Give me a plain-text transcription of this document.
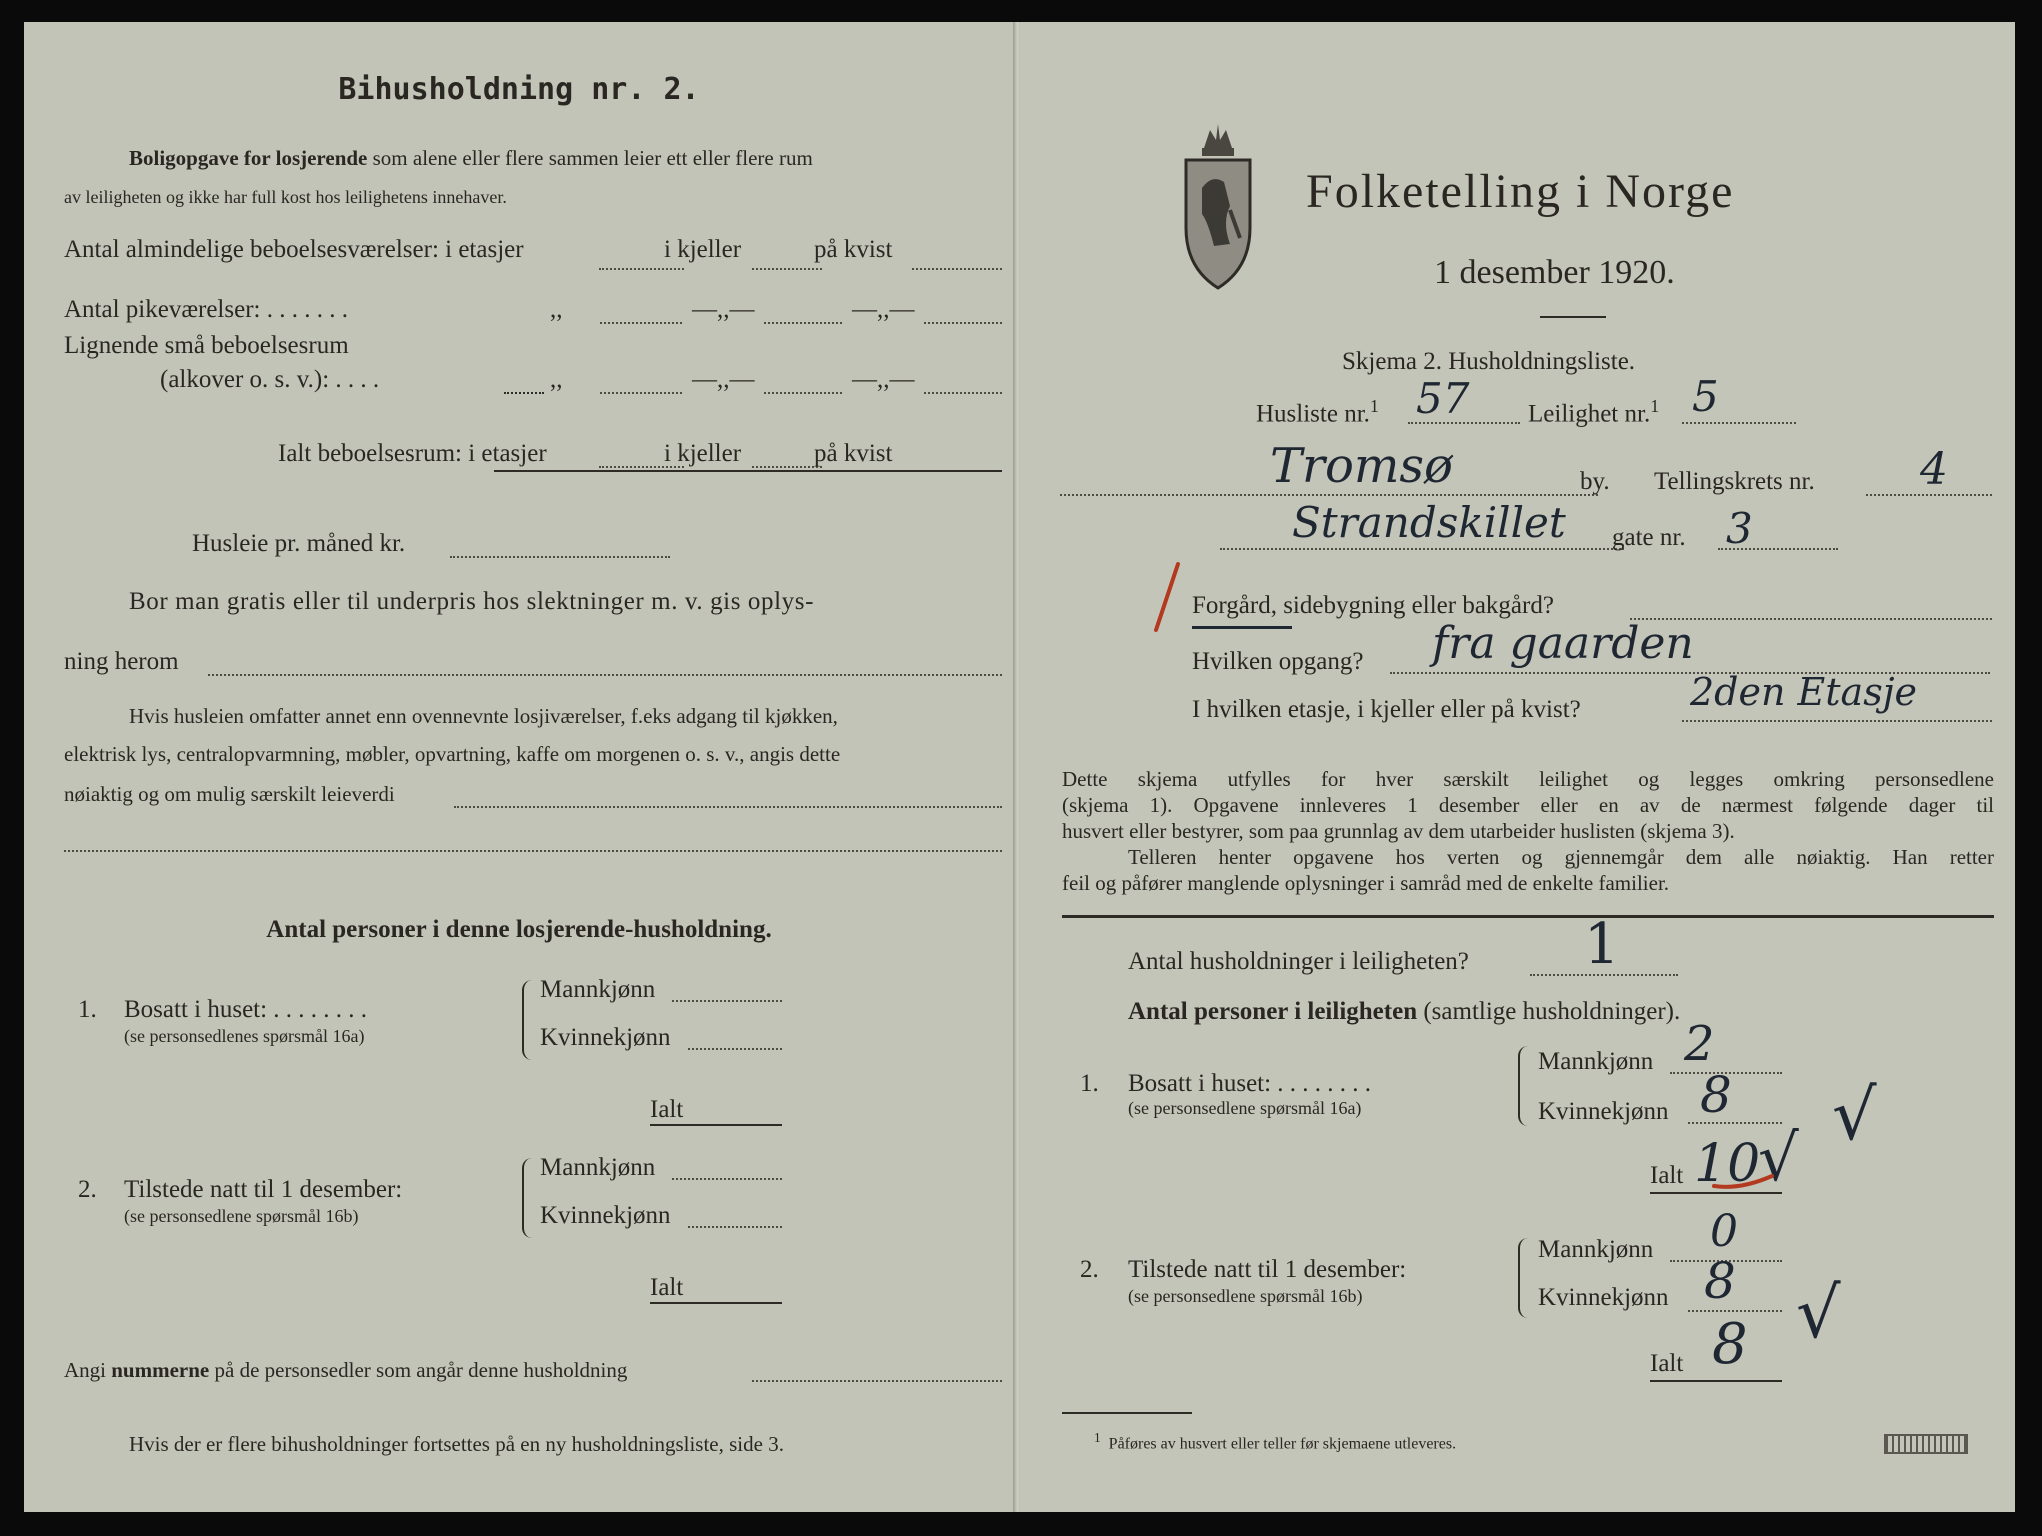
Bihusholdning nr. 2.
Boligopgave for losjerende som alene eller flere sammen leier ett eller flere rum
av leiligheten og ikke har full kost hos leilighetens innehaver.
Antal almindelige beboelsesværelser: i etasjer	i kjeller	på kvist
Antal pikeværelser: . . . . . . .	,,	—,,—	—,,—
Lignende små beboelsesrum
(alkover o. s. v.): . . . .	,,	—,,—	—,,—
Ialt beboelsesrum: i etasjer	i kjeller	på kvist
Husleie pr. måned kr.
Bor man gratis eller til underpris hos slektninger m. v. gis oplys-
ning herom
Hvis husleien omfatter annet enn ovennevnte losjiværelser, f.eks adgang til kjøkken,
elektrisk lys, centralopvarmning, møbler, opvartning, kaffe om morgenen o. s. v., angis dette
nøiaktig og om mulig særskilt leieverdi
Antal personer i denne losjerende-husholdning.
1. Bosatt i huset: . . . . . . . .
(se personsedlenes spørsmål 16a)
Mannkjønn
Kvinnekjønn
Ialt
2. Tilstede natt til 1 desember:
(se personsedlene spørsmål 16b)
Mannkjønn
Kvinnekjønn
Ialt
Angi nummerne på de personsedler som angår denne husholdning
Hvis der er flere bihusholdninger fortsettes på en ny husholdningsliste, side 3.
Folketelling i Norge
1 desember 1920.
Skjema 2. Husholdningsliste.
Husliste nr.$^1$ 57 Leilighet nr.$^1$ 5
Tromsø	by. Tellingskrets nr. 4
Strandskillet gate nr. 3
Forgård, sidebygning eller bakgård?
Hvilken opgang? fra gaarden
I hvilken etasje, i kjeller eller på kvist?	2den Etasje
Dette skjema utfylles for hver særskilt leilighet og legges omkring personsedlene
(skjema 1). Opgavene innleveres 1 desember eller en av de nærmest følgende dager til
husvert eller bestyrer, som paa grunnlag av dem utarbeider huslisten (skjema 3).
Telleren henter opgavene hos verten og gjennemgår dem alle nøiaktig. Han retter
feil og påfører manglende oplysninger i samråd med de enkelte familier.
Antal husholdninger i leiligheten? 1
Antal personer i leiligheten (samtlige husholdninger).
1. Bosatt i huset: . . . . . . . .
(se personsedlene spørsmål 16a)
Mannkjønn 2
Kvinnekjønn 8 √
Ialt 10
√
2. Tilstede natt til 1 desember:
(se personsedlene spørsmål 16b)
Mannkjønn 0
Kvinnekjønn 8
Ialt 8 √
$^1$ Påføres av husvert eller teller før skjemaene utleveres.
